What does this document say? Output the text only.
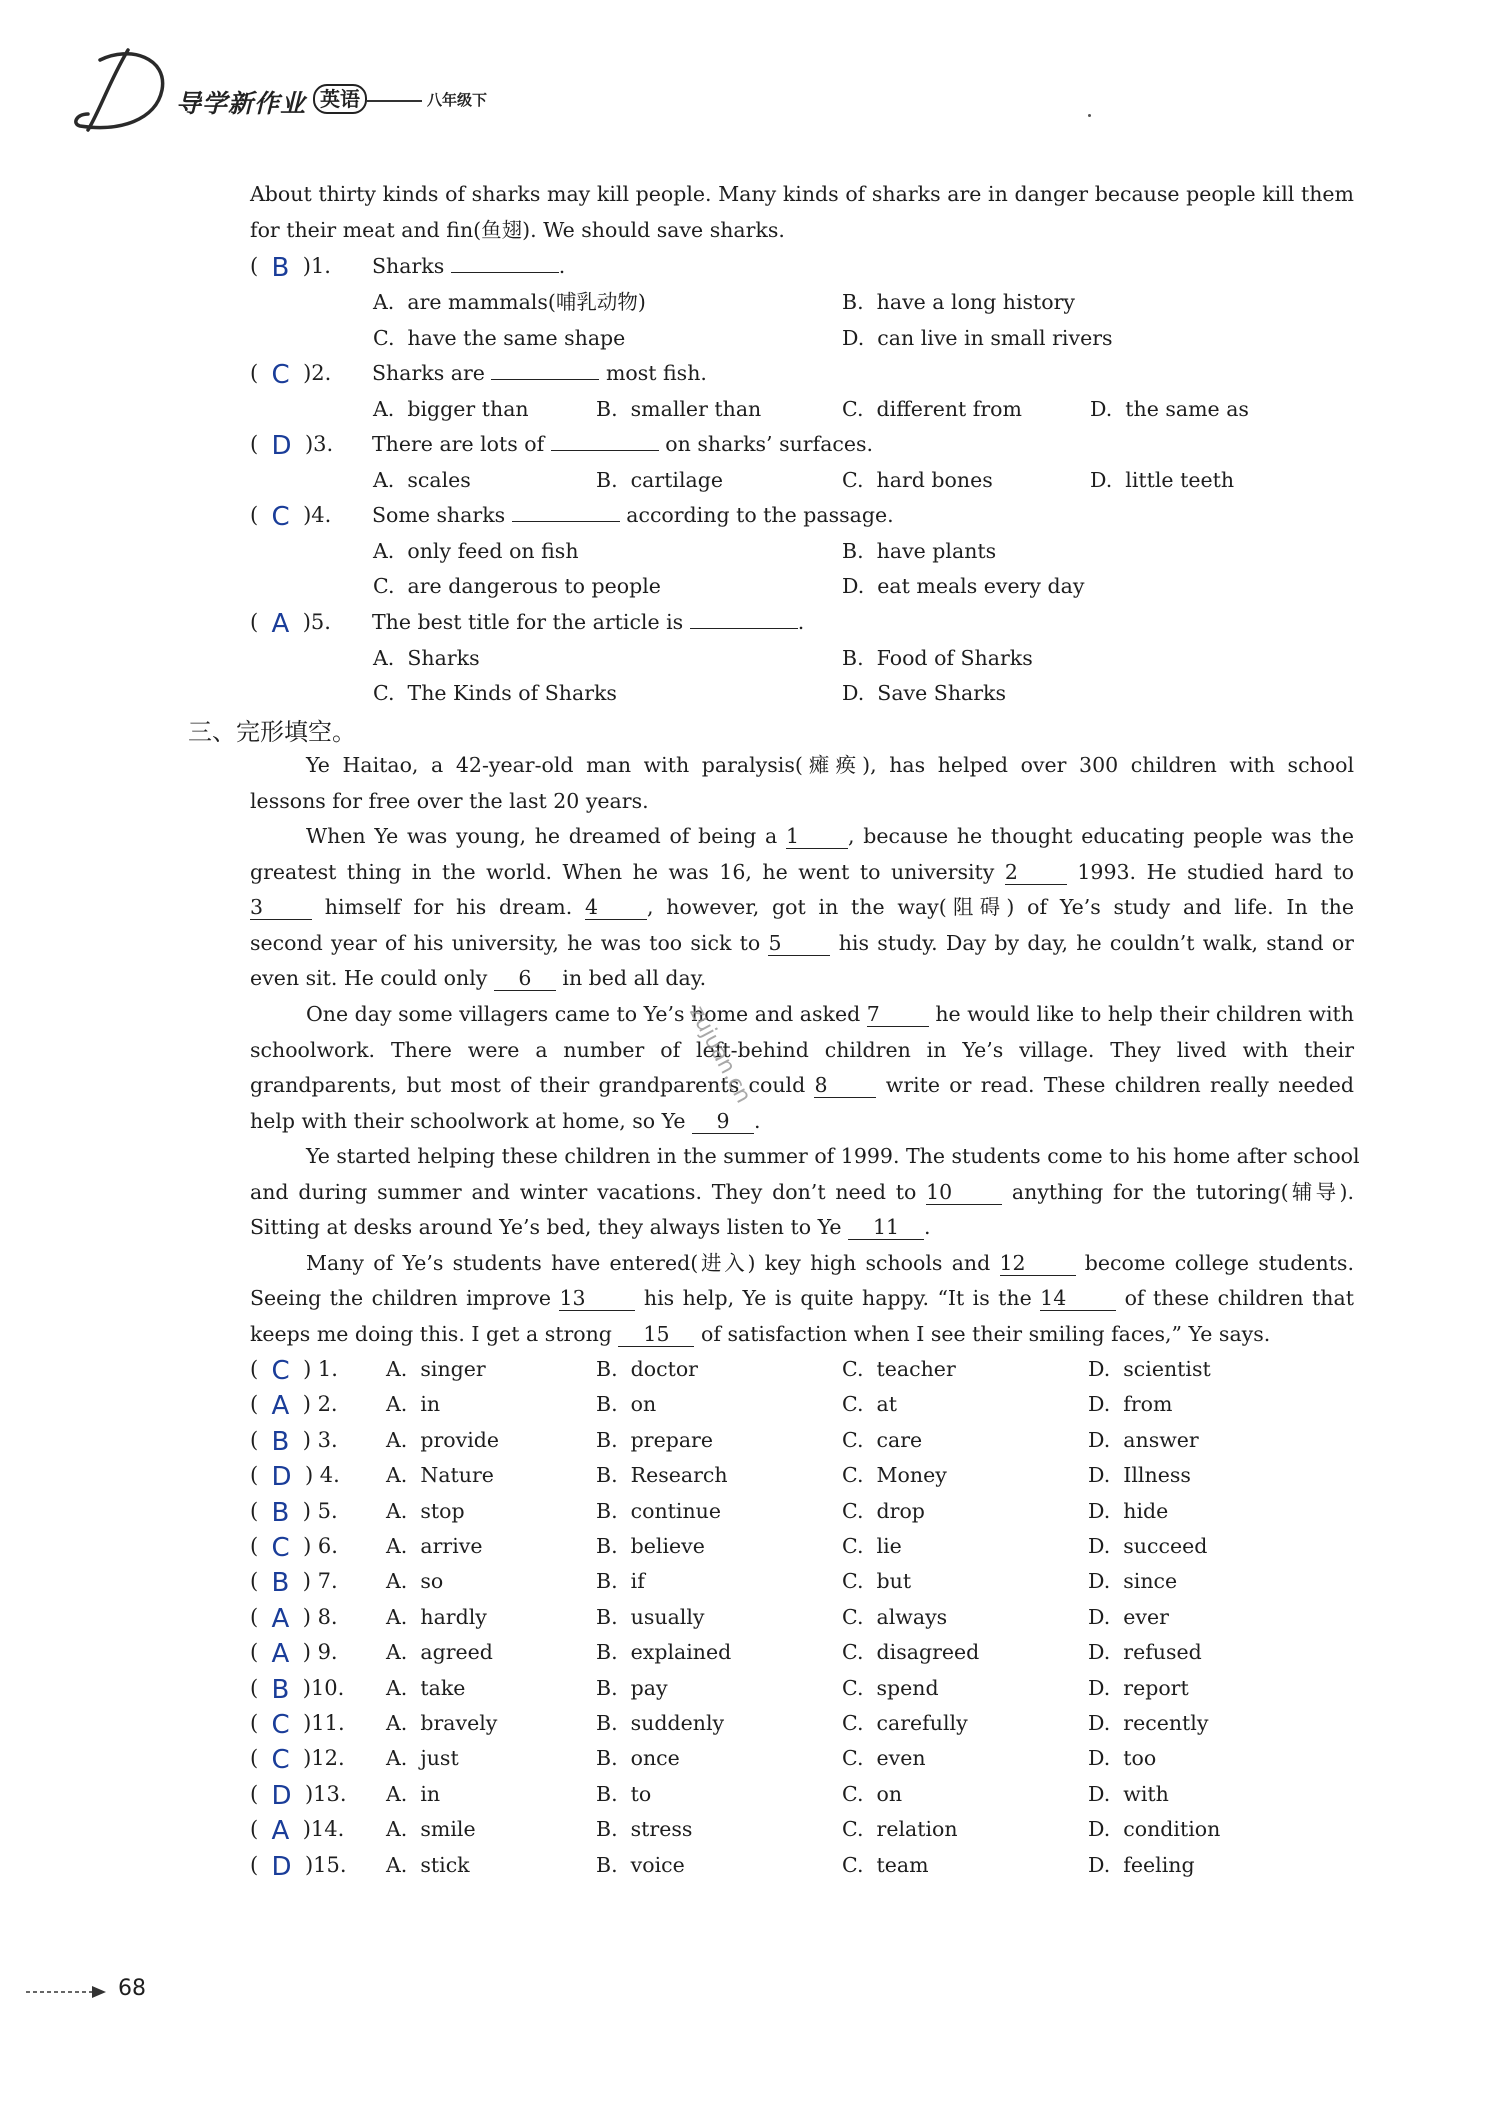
导学新作业 英语	八年级下
About thirty kinds of sharks may kill people. Many kinds of sharks are in danger because people kill them
for their meat and fin(鱼翅). We should save sharks.
(  B )1. Sharks	.
A. are mammals(哺乳动物)	B. have a long history
C. have the same shape	D. can live in small rivers
(  C )2. Sharks are	most fish.
A. bigger than	B. smaller than	C. different from	D. the same as
(  D )3. There are lots of	on sharks’ surfaces.
A. scales	B. cartilage	C. hard bones	D. little teeth
(  C )4. Some sharks	according to the passage.
A. only feed on fish	B. have plants
C. are dangerous to people	D. eat meals every day
(  A )5. The best title for the article is	.
A. Sharks	B. Food of Sharks
C. The Kinds of Sharks	D. Save Sharks
三、完形填空。
Ye Haitao, a 42-year-old man with paralysis(瘫痪), has helped over 300 children with school
lessons for free over the last 20 years.
When Ye was young, he dreamed of being a 1 , because he thought educating people was the
greatest thing in the world. When he was 16, he went to university 2	1993. He studied hard to
3	himself for his dream. 4 , however, got in the way(阻碍) of Ye’s study and life. In the
second year of his university, he was too sick to 5	his study. Day by day, he couldn’t walk, stand or
even sit. He could only 6 in bed all day.
One day some villagers came to Ye’s home and asked 7	he would like to help their children with
schoolwork. There were a number of left-behind children in Ye’s village. They lived with their
grandparents, but most of their grandparents could 8	write or read. These children really needed
help with their schoolwork at home, so Ye 9 .
Ye started helping these children in the summer of 1999. The students come to his home after school
and during summer and winter vacations. They don’t need to 10	anything for the tutoring(辅导).
Sitting at desks around Ye’s bed, they always listen to Ye 11 .
Many of Ye’s students have entered(进入) key high schools and 12	become college students.
Seeing the children improve 13	his help, Ye is quite happy. “It is the 14	of these children that
keeps me doing this. I get a strong 15 of satisfaction when I see their smiling faces,” Ye says.
(  C ) 1. A. singer	B. doctor	C. teacher	D. scientist
(  A ) 2. A. in	B. on	C. at	D. from
(  B ) 3. A. provide	B. prepare	C. care	D. answer
(  D ) 4. A. Nature	B. Research	C. Money	D. Illness
(  B ) 5. A. stop	B. continue	C. drop	D. hide
(  C ) 6. A. arrive	B. believe	C. lie	D. succeed
(  B ) 7. A. so	B. if	C. but	D. since
(  A ) 8. A. hardly	B. usually	C. always	D. ever
(  A ) 9. A. agreed	B. explained	C. disagreed	D. refused
(  B )10. A. take	B. pay	C. spend	D. report
(  C )11. A. bravely	B. suddenly	C. carefully	D. recently
(  C )12. A. just	B. once	C. even	D. too
(  D )13. A. in	B. to	C. on	D. with
(  A )14. A. smile	B. stress	C. relation	D. condition
(  D )15. A. stick	B. voice	C. team	D. feeling
zujuan.cn
68
